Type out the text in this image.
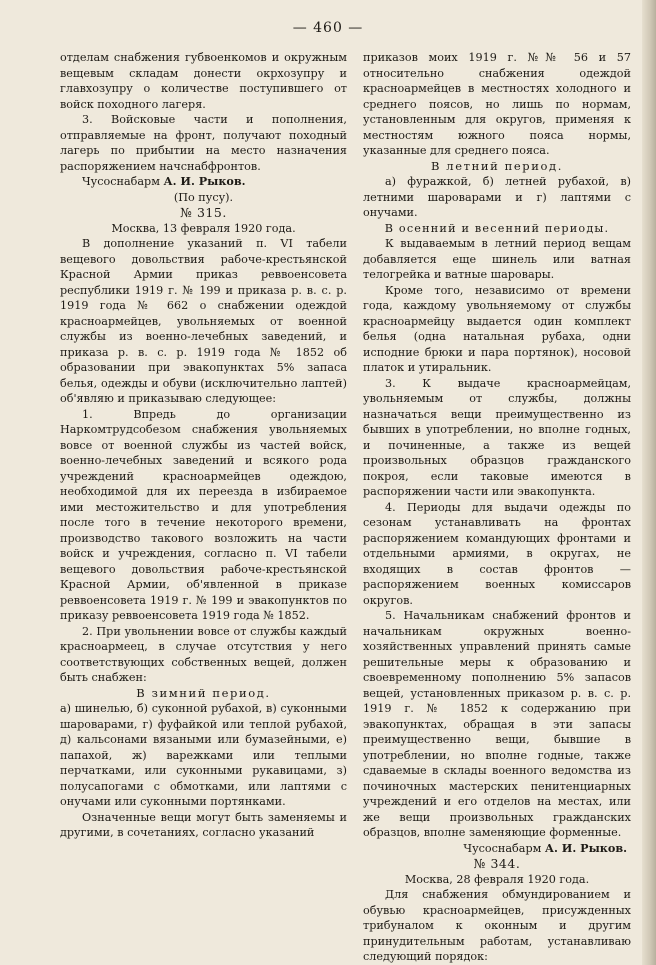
— 460 —

отделам снабжения губвоенкомов и окружным вещевым складам донести окрхозупру и главхозупру о количестве поступившего от войск походного лагеря.

3. Войсковые части и пополнения, отправляемые на фронт, получают походный лагерь по прибытии на место назначения распоряжением начснабфронтов.

Чусоснабарм А. И. Рыков.

(По пусу).

№ 315.

Москва, 13 февраля 1920 года.

В дополнение указаний п. VI табели вещевого довольствия рабоче-крестьянской Красной Армии приказ реввоенсовета республики 1919 г. № 199 и приказа р. в. с. р. 1919 года № 662 о снабжении одеждой красноармейцев, увольняемых от военной службы из военно-лечебных заведений, и приказа р. в. с. р. 1919 года № 1852 об образовании при эвакопунктах 5% запаса белья, одежды и обуви (исключительно лаптей) об'являю и приказываю следующее:

1. Впредь до организации Наркомтрудсобезом снабжения увольняемых вовсе от военной службы из частей войск, военно-лечебных заведений и всякого рода учреждений красноармейцев одеждою, необходимой для их переезда в избираемое ими местожительство и для употребления после того в течение некоторого времени, производство такового возложить на части войск и учреждения, согласно п. VI табели вещевого довольствия рабоче-крестьянской Красной Армии, об'явленной в приказе реввоенсовета 1919 г. № 199 и эвакопунктов по приказу реввоенсовета 1919 года № 1852.

2. При увольнении вовсе от службы каждый красноармеец, в случае отсутствия у него соответствующих собственных вещей, должен быть снабжен:

В зимний период.

а) шинелью, б) суконной рубахой, в) суконными шароварами, г) фуфайкой или теплой рубахой, д) кальсонами вязаными или бумазейными, е) папахой, ж) варежками или теплыми перчатками, или суконными рукавицами, з) полусапогами с обмотками, или лаптями с онучами или суконными портянками.

Означенные вещи могут быть заменяемы и другими, в сочетаниях, согласно указаний

приказов моих 1919 г. №№ 56 и 57 относительно снабжения одеждой красноармейцев в местностях холодного и среднего поясов, но лишь по нормам, установленным для округов, применяя к местностям южного пояса нормы, указанные для среднего пояса.

В летний период.

а) фуражкой, б) летней рубахой, в) летними шароварами и г) лаптями с онучами.

В осенний и весенний периоды.

К выдаваемым в летний период вещам добавляется еще шинель или ватная телогрейка и ватные шаровары.

Кроме того, независимо от времени года, каждому увольняемому от службы красноармейцу выдается один комплект белья (одна натальная рубаха, одни исподние брюки и пара портянок), носовой платок и утиральник.

3. К выдаче красноармейцам, увольняемым от службы, должны назначаться вещи преимущественно из бывших в употреблении, но вполне годных, и починенные, а также из вещей произвольных образцов гражданского покроя, если таковые имеются в распоряжении части или эвакопункта.

4. Периоды для выдачи одежды по сезонам устанавливать на фронтах распоряжением командующих фронтами и отдельными армиями, в округах, не входящих в состав фронтов — распоряжением военных комиссаров округов.

5. Начальникам снабжений фронтов и начальникам окружных военно-хозяйственных управлений принять самые решительные меры к образованию и своевременному пополнению 5% запасов вещей, установленных приказом р. в. с. р. 1919 г. № 1852 к содержанию при эвакопунктах, обращая в эти запасы преимущественно вещи, бывшие в употреблении, но вполне годные, также сдаваемые в склады военного ведомства из починочных мастерских пенитенциарных учреждений и его отделов на местах, или же вещи произвольных гражданских образцов, вполне заменяющие форменные.

Чусоснабарм А. И. Рыков.

№ 344.

Москва, 28 февраля 1920 года.

Для снабжения обмундированием и обувью красноармейцев, присужденных трибуналом к оконным и другим принудительным работам, устанавливаю следующий порядок:
